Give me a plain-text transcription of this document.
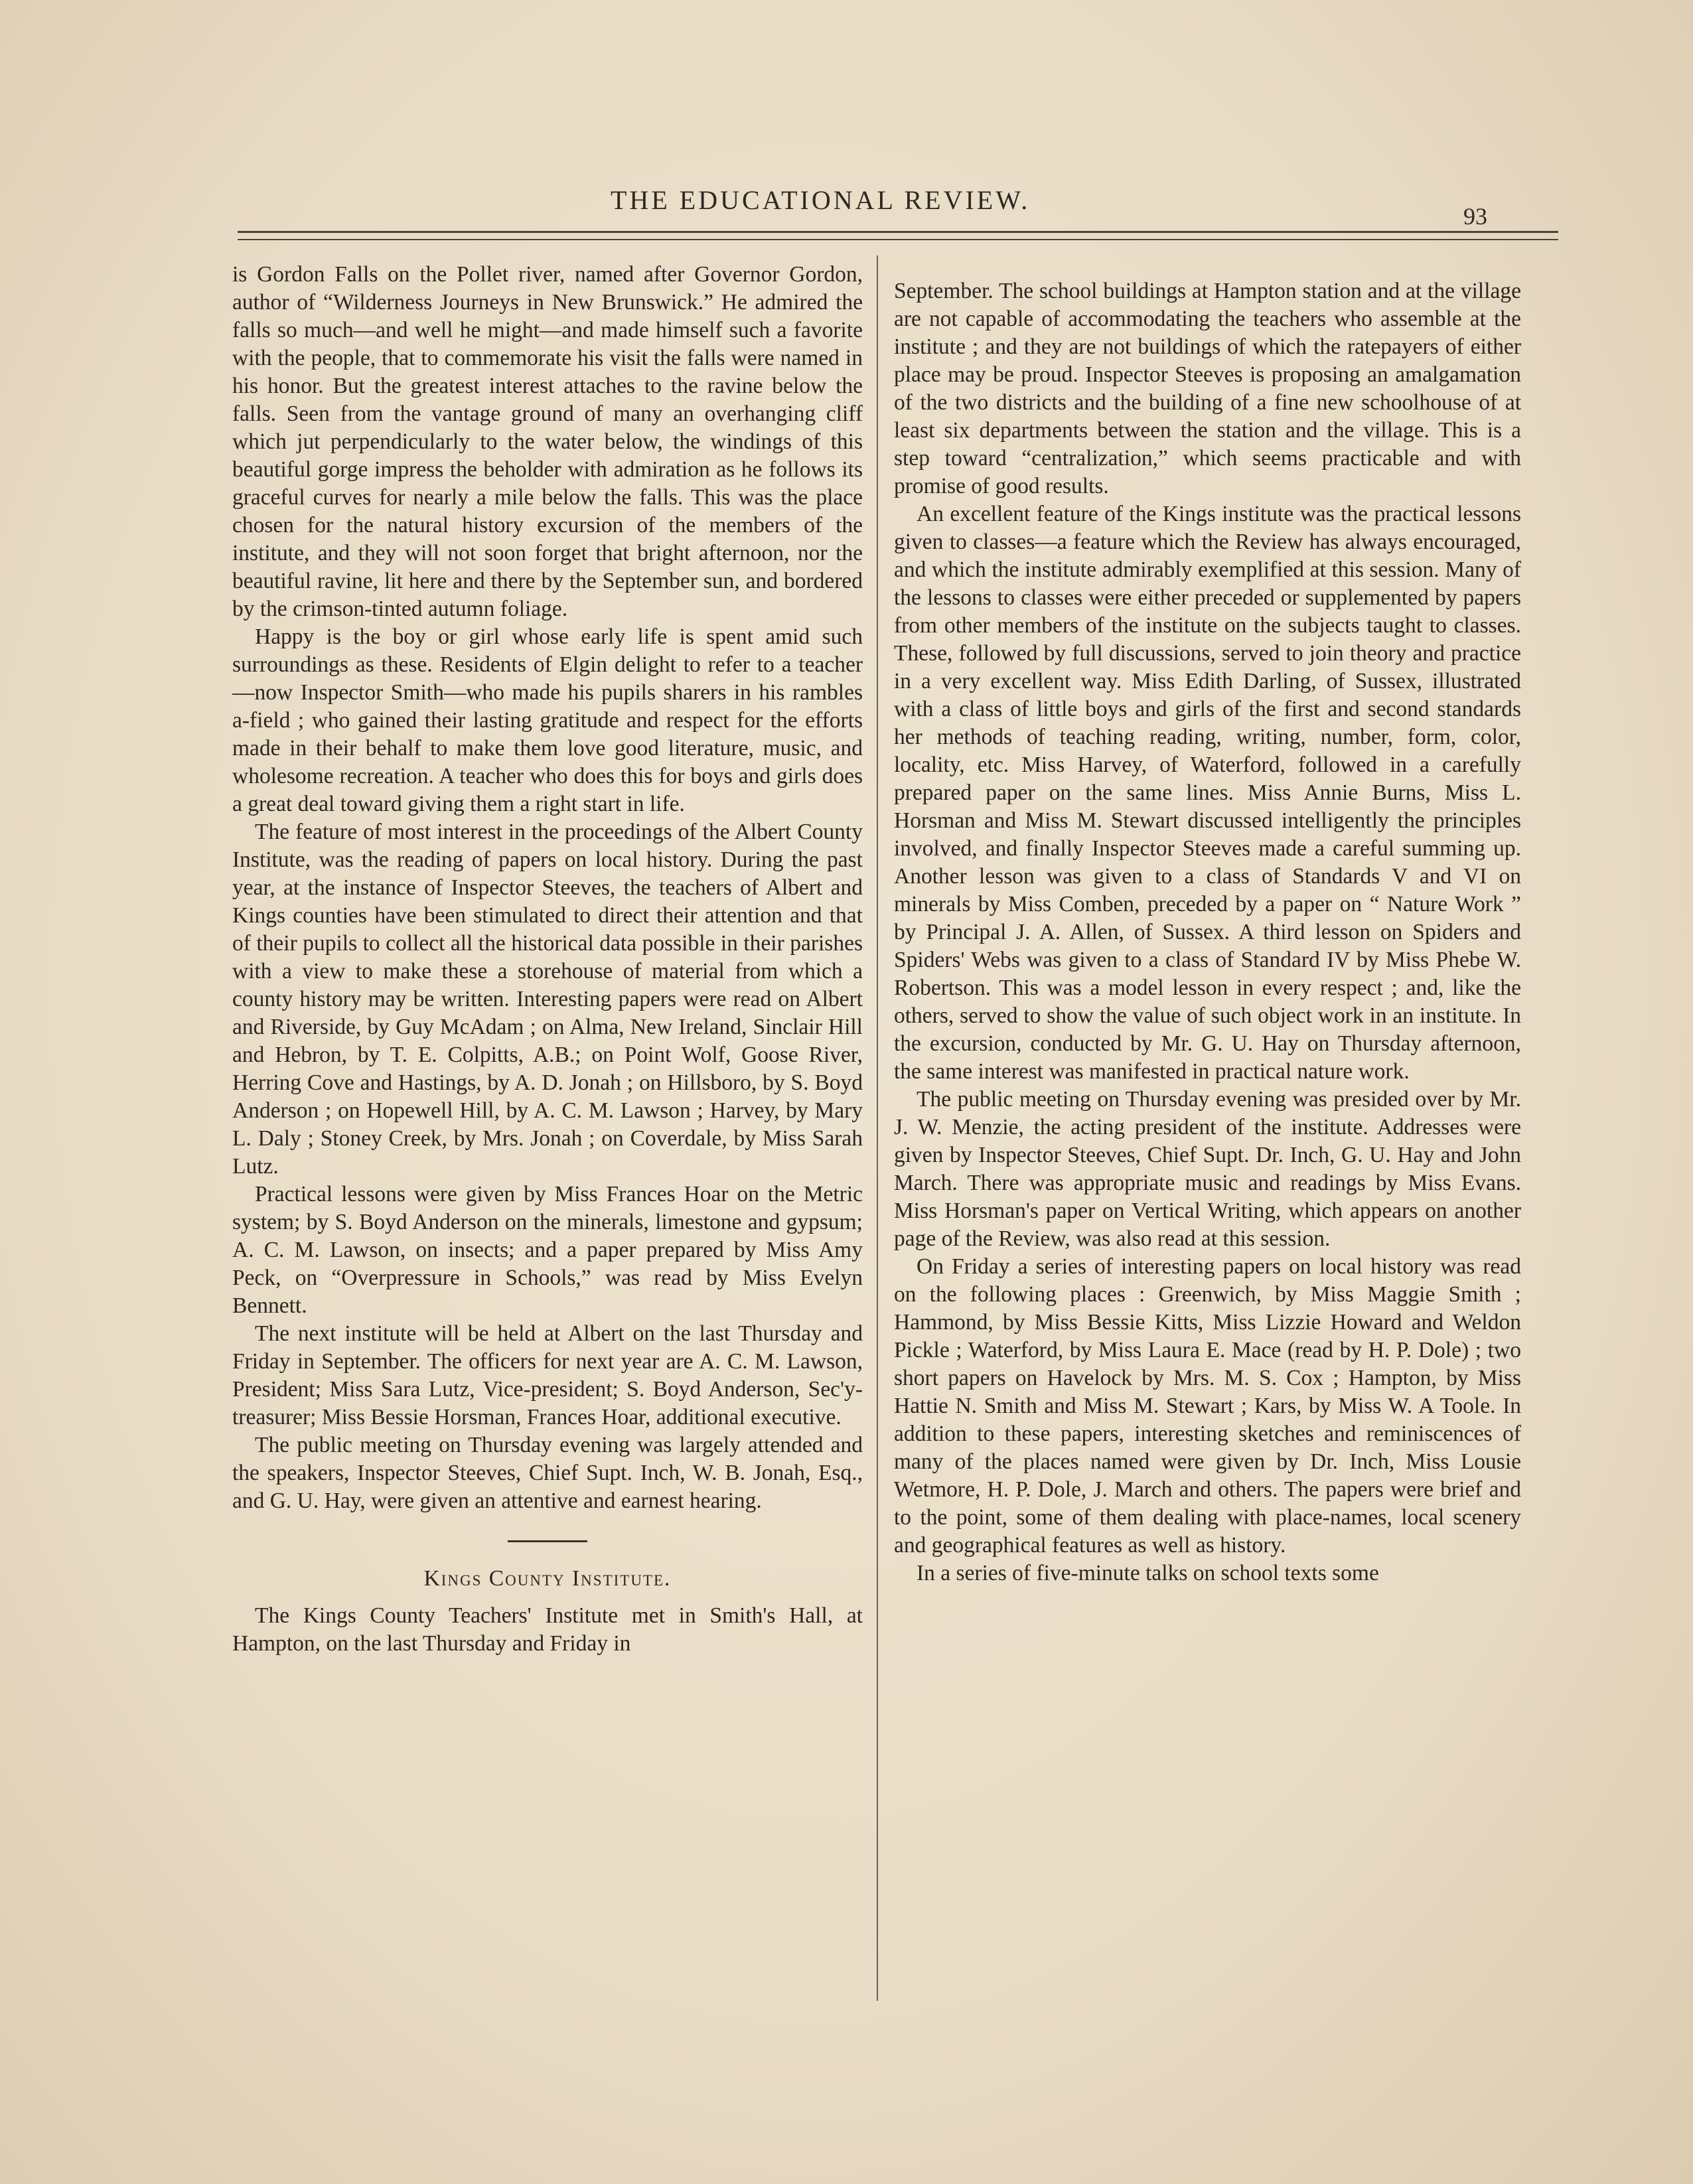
THE EDUCATIONAL REVIEW.
93

is Gordon Falls on the Pollet river, named after Governor Gordon, author of “Wilderness Journeys in New Brunswick.” He admired the falls so much—and well he might—and made himself such a favorite with the people, that to commemorate his visit the falls were named in his honor. But the greatest interest attaches to the ravine below the falls. Seen from the vantage ground of many an overhanging cliff which jut perpendicularly to the water below, the windings of this beautiful gorge impress the beholder with admiration as he follows its graceful curves for nearly a mile below the falls. This was the place chosen for the natural history excursion of the members of the institute, and they will not soon forget that bright afternoon, nor the beautiful ravine, lit here and there by the September sun, and bordered by the crimson-tinted autumn foliage.

Happy is the boy or girl whose early life is spent amid such surroundings as these. Residents of Elgin delight to refer to a teacher—now Inspector Smith—who made his pupils sharers in his rambles a-field ; who gained their lasting gratitude and respect for the efforts made in their behalf to make them love good literature, music, and wholesome recreation. A teacher who does this for boys and girls does a great deal toward giving them a right start in life.

The feature of most interest in the proceedings of the Albert County Institute, was the reading of papers on local history. During the past year, at the instance of Inspector Steeves, the teachers of Albert and Kings counties have been stimulated to direct their attention and that of their pupils to collect all the historical data possible in their parishes with a view to make these a storehouse of material from which a county history may be written. Interesting papers were read on Albert and Riverside, by Guy McAdam ; on Alma, New Ireland, Sinclair Hill and Hebron, by T. E. Colpitts, A.B.; on Point Wolf, Goose River, Herring Cove and Hastings, by A. D. Jonah ; on Hillsboro, by S. Boyd Anderson ; on Hopewell Hill, by A. C. M. Lawson ; Harvey, by Mary L. Daly ; Stoney Creek, by Mrs. Jonah ; on Coverdale, by Miss Sarah Lutz.

Practical lessons were given by Miss Frances Hoar on the Metric system; by S. Boyd Anderson on the minerals, limestone and gypsum; A. C. M. Lawson, on insects; and a paper prepared by Miss Amy Peck, on “Overpressure in Schools,” was read by Miss Evelyn Bennett.

The next institute will be held at Albert on the last Thursday and Friday in September. The officers for next year are A. C. M. Lawson, President; Miss Sara Lutz, Vice-president; S. Boyd Anderson, Sec'y-treasurer; Miss Bessie Horsman, Frances Hoar, additional executive.

The public meeting on Thursday evening was largely attended and the speakers, Inspector Steeves, Chief Supt. Inch, W. B. Jonah, Esq., and G. U. Hay, were given an attentive and earnest hearing.

Kings County Institute.

The Kings County Teachers' Institute met in Smith's Hall, at Hampton, on the last Thursday and Friday in

September. The school buildings at Hampton station and at the village are not capable of accommodating the teachers who assemble at the institute ; and they are not buildings of which the ratepayers of either place may be proud. Inspector Steeves is proposing an amalgamation of the two districts and the building of a fine new schoolhouse of at least six departments between the station and the village. This is a step toward “centralization,” which seems practicable and with promise of good results.

An excellent feature of the Kings institute was the practical lessons given to classes—a feature which the Review has always encouraged, and which the institute admirably exemplified at this session. Many of the lessons to classes were either preceded or supplemented by papers from other members of the institute on the subjects taught to classes. These, followed by full discussions, served to join theory and practice in a very excellent way. Miss Edith Darling, of Sussex, illustrated with a class of little boys and girls of the first and second standards her methods of teaching reading, writing, number, form, color, locality, etc. Miss Harvey, of Waterford, followed in a carefully prepared paper on the same lines. Miss Annie Burns, Miss L. Horsman and Miss M. Stewart discussed intelligently the principles involved, and finally Inspector Steeves made a careful summing up. Another lesson was given to a class of Standards V and VI on minerals by Miss Comben, preceded by a paper on “ Nature Work ” by Principal J. A. Allen, of Sussex. A third lesson on Spiders and Spiders' Webs was given to a class of Standard IV by Miss Phebe W. Robertson. This was a model lesson in every respect ; and, like the others, served to show the value of such object work in an institute. In the excursion, conducted by Mr. G. U. Hay on Thursday afternoon, the same interest was manifested in practical nature work.

The public meeting on Thursday evening was presided over by Mr. J. W. Menzie, the acting president of the institute. Addresses were given by Inspector Steeves, Chief Supt. Dr. Inch, G. U. Hay and John March. There was appropriate music and readings by Miss Evans. Miss Horsman's paper on Vertical Writing, which appears on another page of the Review, was also read at this session.

On Friday a series of interesting papers on local history was read on the following places : Greenwich, by Miss Maggie Smith ; Hammond, by Miss Bessie Kitts, Miss Lizzie Howard and Weldon Pickle ; Waterford, by Miss Laura E. Mace (read by H. P. Dole) ; two short papers on Havelock by Mrs. M. S. Cox ; Hampton, by Miss Hattie N. Smith and Miss M. Stewart ; Kars, by Miss W. A Toole. In addition to these papers, interesting sketches and reminiscences of many of the places named were given by Dr. Inch, Miss Lousie Wetmore, H. P. Dole, J. March and others. The papers were brief and to the point, some of them dealing with place-names, local scenery and geographical features as well as history.

In a series of five-minute talks on school texts some
